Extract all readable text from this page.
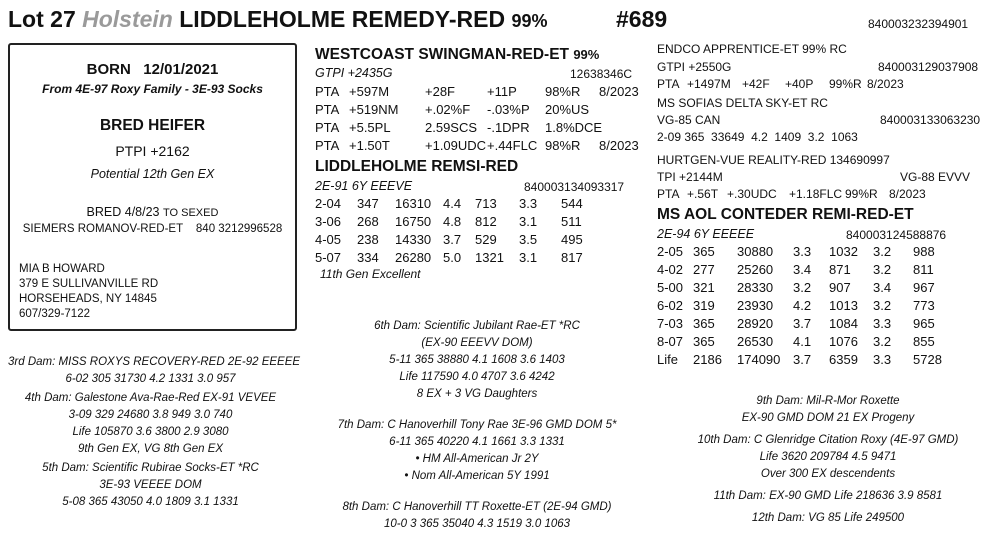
Lot 27 Holstein LIDDLEHOLME REMEDY-RED 99%	#689	840003232394901
BORN 12/01/2021
From 4E-97 Roxy Family - 3E-93 Socks
BRED HEIFER
PTPI +2162
Potential 12th Gen EX
BRED 4/8/23 TO SEXED
SIEMERS ROMANOV-RED-ET 840 3212996528
MIA B HOWARD
379 E SULLIVANVILLE RD
HORSEHEADS, NY 14845
607/329-7122
WESTCOAST SWINGMAN-RED-ET 99%
GTPI +2435G	12638346C
PTA +597M	+28F +11P 98%R 8/2023
PTA +519NM +.02%F -.03%P 20%US
PTA +5.5PL	2.59SCS -.1DPR 1.8%DCE
PTA +1.50T	+1.09UDC +.44FLC 98%R 8/2023
LIDDLEHOLME REMSI-RED
2E-91 6Y EEEVE	840003134093317
2-04 347 16310 4.4 713 3.3 544
3-06 268 16750 4.8 812 3.1 511
4-05 238 14330 3.7 529 3.5 495
5-07 334 26280 5.0 1321 3.1 817
11th Gen Excellent
ENDCO APPRENTICE-ET 99% RC
GTPI +2550G	840003129037908
PTA +1497M +42F +40P 99%R 8/2023
MS SOFIAS DELTA SKY-ET RC
VG-85 CAN	840003133063230
2-09 365  33649  4.2  1409  3.2  1063
HURTGEN-VUE REALITY-RED 134690997
TPI +2144M	VG-88 EVVV
PTA +.56T +.30UDC +1.18FLC 99%R 8/2023
MS AOL CONTEDER REMI-RED-ET
2E-94 6Y EEEEE	840003124588876
2-05 365 30880 3.3 1032 3.2 988
4-02 277 25260 3.4 871 3.2 811
5-00 321 28330 3.2 907 3.4 967
6-02 319 23930 4.2 1013 3.2 773
7-03 365 28920 3.7 1084 3.3 965
8-07 365 26530 4.1 1076 3.2 855
Life 2186 174090 3.7 6359 3.3 5728
3rd Dam: MISS ROXYS RECOVERY-RED 2E-92 EEEEE
6-02 305 31730 4.2 1331 3.0 957
4th Dam: Galestone Ava-Rae-Red EX-91 VEVEE
3-09 329 24680 3.8 949 3.0 740
Life 105870 3.6 3800 2.9 3080
9th Gen EX, VG 8th Gen EX
5th Dam: Scientific Rubirae Socks-ET *RC
3E-93 VEEEE DOM
5-08 365 43050 4.0 1809 3.1 1331
6th Dam: Scientific Jubilant Rae-ET *RC
(EX-90 EEEVV DOM)
5-11 365 38880 4.1 1608 3.6 1403
Life 117590 4.0 4707 3.6 4242
8 EX + 3 VG Daughters
7th Dam: C Hanoverhill Tony Rae 3E-96 GMD DOM 5*
6-11 365 40220 4.1 1661 3.3 1331
• HM All-American Jr 2Y
• Nom All-American 5Y 1991
8th Dam: C Hanoverhill TT Roxette-ET (2E-94 GMD)
10-0 3 365 35040 4.3 1519 3.0 1063
9th Dam: Mil-R-Mor Roxette
EX-90 GMD DOM 21 EX Progeny
10th Dam: C Glenridge Citation Roxy (4E-97 GMD)
Life 3620 209784 4.5 9471
Over 300 EX descendents
11th Dam: EX-90 GMD Life 218636 3.9 8581
12th Dam: VG 85 Life 249500
